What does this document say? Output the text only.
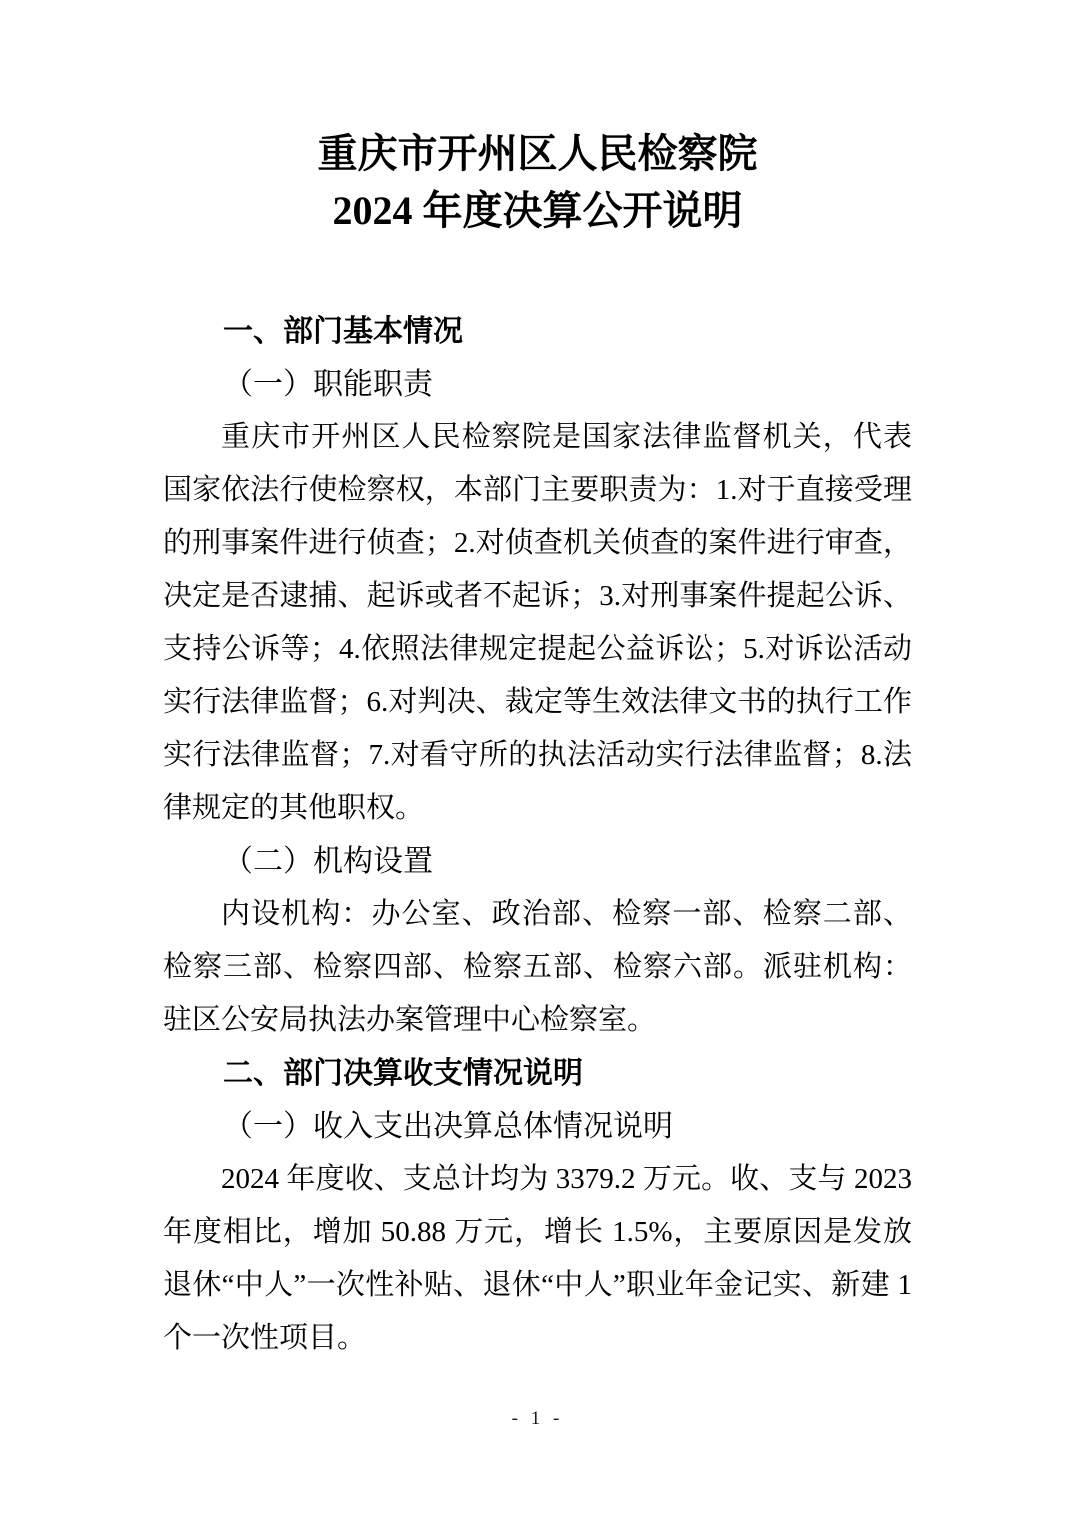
重庆市开州区人民检察院
2024 年度决算公开说明

一、部门基本情况

（一）职能职责

重庆市开州区人民检察院是国家法律监督机关，代表国家依法行使检察权，本部门主要职责为：1.对于直接受理的刑事案件进行侦查；2.对侦查机关侦查的案件进行审查，决定是否逮捕、起诉或者不起诉；3.对刑事案件提起公诉、支持公诉等；4.依照法律规定提起公益诉讼；5.对诉讼活动实行法律监督；6.对判决、裁定等生效法律文书的执行工作实行法律监督；7.对看守所的执法活动实行法律监督；8.法律规定的其他职权。

（二）机构设置

内设机构：办公室、政治部、检察一部、检察二部、检察三部、检察四部、检察五部、检察六部。派驻机构：驻区公安局执法办案管理中心检察室。

二、部门决算收支情况说明

（一）收入支出决算总体情况说明

2024 年度收、支总计均为 3379.2 万元。收、支与 2023 年度相比，增加 50.88 万元，增长 1.5%，主要原因是发放退休“中人”一次性补贴、退休“中人”职业年金记实、新建 1 个一次性项目。

- 1 -
